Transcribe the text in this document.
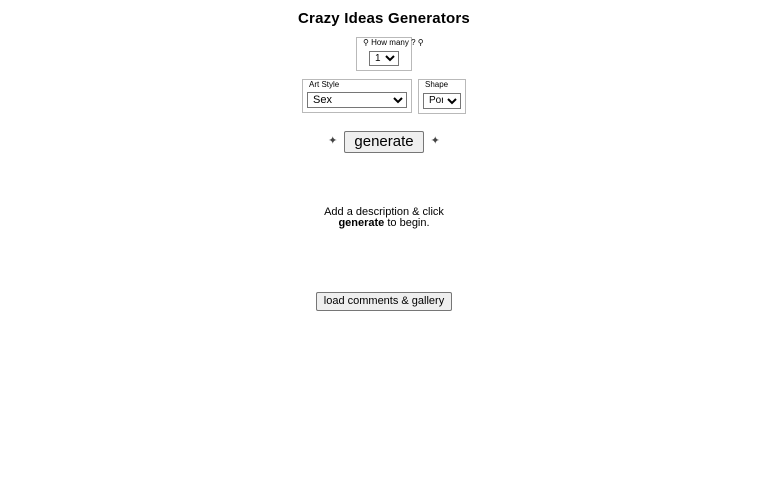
Crazy Ideas Generators
⚲ How many ? ⚲
1
Art Style
Sex	Shape
Portrait
✦	generate	✦
Add a description & click
generate to begin.
load comments & gallery
